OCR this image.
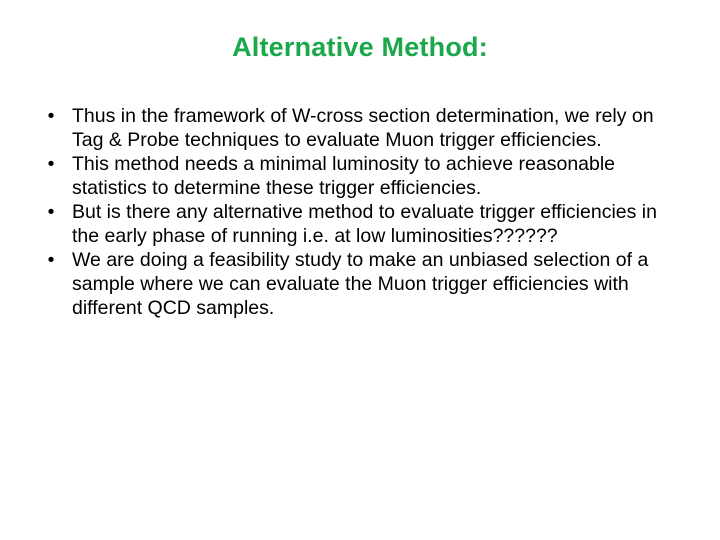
Alternative Method:
• Thus in the framework of W-cross section determination, we rely on Tag & Probe techniques to evaluate Muon trigger efficiencies.
• This method needs a minimal luminosity to achieve reasonable statistics to determine these trigger efficiencies.
• But is there any alternative method to evaluate trigger efficiencies in the early phase of running i.e. at low luminosities??????
• We are doing a feasibility study to make an unbiased selection of a sample where we can evaluate the Muon trigger efficiencies with different QCD samples.
